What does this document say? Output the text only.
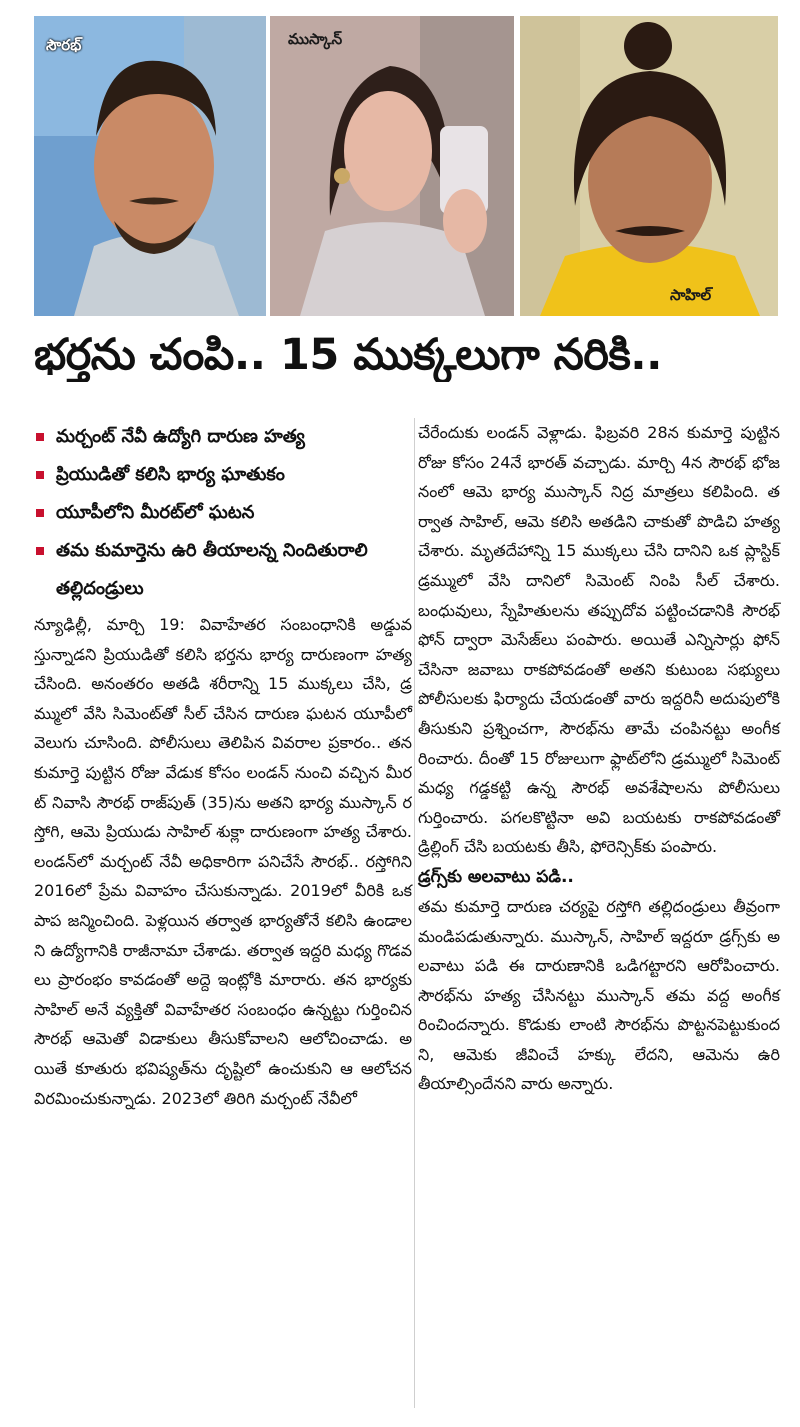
సౌరభ్	ముస్కాన్
సాహిల్
భర్తను చంపి.. 15 ముక్కలుగా నరికి..
మర్చంట్ నేవీ ఉద్యోగి దారుణ హత్య
ప్రియుడితో కలిసి భార్య ఘాతుకం
యూపీలోని మీరట్‌లో ఘటన
తమ కుమార్తెను ఉరి తీయాలన్న నిందితురాలి తల్లిదండ్రులు

న్యూఢిల్లీ, మార్చి 19: వివాహేతర సంబంధానికి అడ్డువస్తున్నాడని ప్రియుడితో కలిసి భర్తను భార్య దారుణంగా హత్యచేసింది. అనంతరం అతడి శరీరాన్ని 15 ముక్కలు చేసి, డ్రమ్ములో వేసి సిమెంట్‌తో సీల్ చేసిన దారుణ ఘటన యూపీలో వెలుగు చూసింది. పోలీసులు తెలిపిన వివరాల ప్రకారం.. తన కుమార్తె పుట్టిన రోజు వేడుక కోసం లండన్ నుంచి వచ్చిన మీరట్ నివాసి సౌరభ్ రాజ్‌పుత్ (35)ను అతని భార్య ముస్కాన్ రస్తోగి, ఆమె ప్రియుడు సాహిల్ శుక్లా దారుణంగా హత్య చేశారు. లండన్‌లో మర్చంట్ నేవీ అధికారిగా పనిచేసే సౌరభ్.. రస్తోగిని 2016లో ప్రేమ వివాహం చేసుకున్నాడు. 2019లో వీరికి ఒక పాప జన్మించింది. పెళ్లయిన తర్వాత భార్యతోనే కలిసి ఉండాలని ఉద్యోగానికి రాజీనామా చేశాడు. తర్వాత ఇద్దరి మధ్య గొడవలు ప్రారంభం కావడంతో అద్దె ఇంట్లోకి మారారు. తన భార్యకు సాహిల్ అనే వ్యక్తితో వివాహేతర సంబంధం ఉన్నట్టు గుర్తించిన సౌరభ్ ఆమెతో విడాకులు తీసుకోవాలని ఆలోచించాడు. అయితే కూతురు భవిష్యత్‌ను దృష్టిలో ఉంచుకుని ఆ ఆలోచన విరమించుకున్నాడు. 2023లో తిరిగి మర్చంట్ నేవీలో

చేరేందుకు లండన్ వెళ్లాడు. ఫిబ్రవరి 28న కుమార్తె పుట్టిన రోజు కోసం 24నే భారత్ వచ్చాడు. మార్చి 4న సౌరభ్ భోజనంలో ఆమె భార్య ముస్కాన్ నిద్ర మాత్రలు కలిపింది. తర్వాత సాహిల్, ఆమె కలిసి అతడిని చాకుతో పొడిచి హత్య చేశారు. మృతదేహాన్ని 15 ముక్కలు చేసి దానిని ఒక ప్లాస్టిక్ డ్రమ్ములో వేసి దానిలో సిమెంట్ నింపి సీల్ చేశారు. బంధువులు, స్నేహితులను తప్పుదోవ పట్టించడానికి సౌరభ్ ఫోన్ ద్వారా మెసేజ్‌లు పంపారు. అయితే ఎన్నిసార్లు ఫోన్ చేసినా జవాబు రాకపోవడంతో అతని కుటుంబ సభ్యులు పోలీసులకు ఫిర్యాదు చేయడంతో వారు ఇద్దరినీ అదుపులోకి తీసుకుని ప్రశ్నించగా, సౌరభ్‌ను తామే చంపినట్టు అంగీకరించారు. దీంతో 15 రోజులుగా ఫ్లాట్‌లోని డ్రమ్ములో సిమెంట్ మధ్య గడ్డకట్టి ఉన్న సౌరభ్ అవశేషాలను పోలీసులు గుర్తించారు. పగలకొట్టినా అవి బయటకు రాకపోవడంతో డ్రిల్లింగ్ చేసి బయటకు తీసి, ఫోరెన్సిక్‌కు పంపారు.

డ్రగ్స్‌కు అలవాటు పడి..

తమ కుమార్తె దారుణ చర్యపై రస్తోగి తల్లిదండ్రులు తీవ్రంగా మండిపడుతున్నారు. ముస్కాన్, సాహిల్ ఇద్దరూ డ్రగ్స్‌కు అలవాటు పడి ఈ దారుణానికి ఒడిగట్టారని ఆరోపించారు. సౌరభ్‌ను హత్య చేసినట్టు ముస్కాన్ తమ వద్ద అంగీకరించిందన్నారు. కొడుకు లాంటి సౌరభ్‌ను పొట్టనపెట్టుకుందని, ఆమెకు జీవించే హక్కు లేదని, ఆమెను ఉరి తీయాల్సిందేనని వారు అన్నారు.
